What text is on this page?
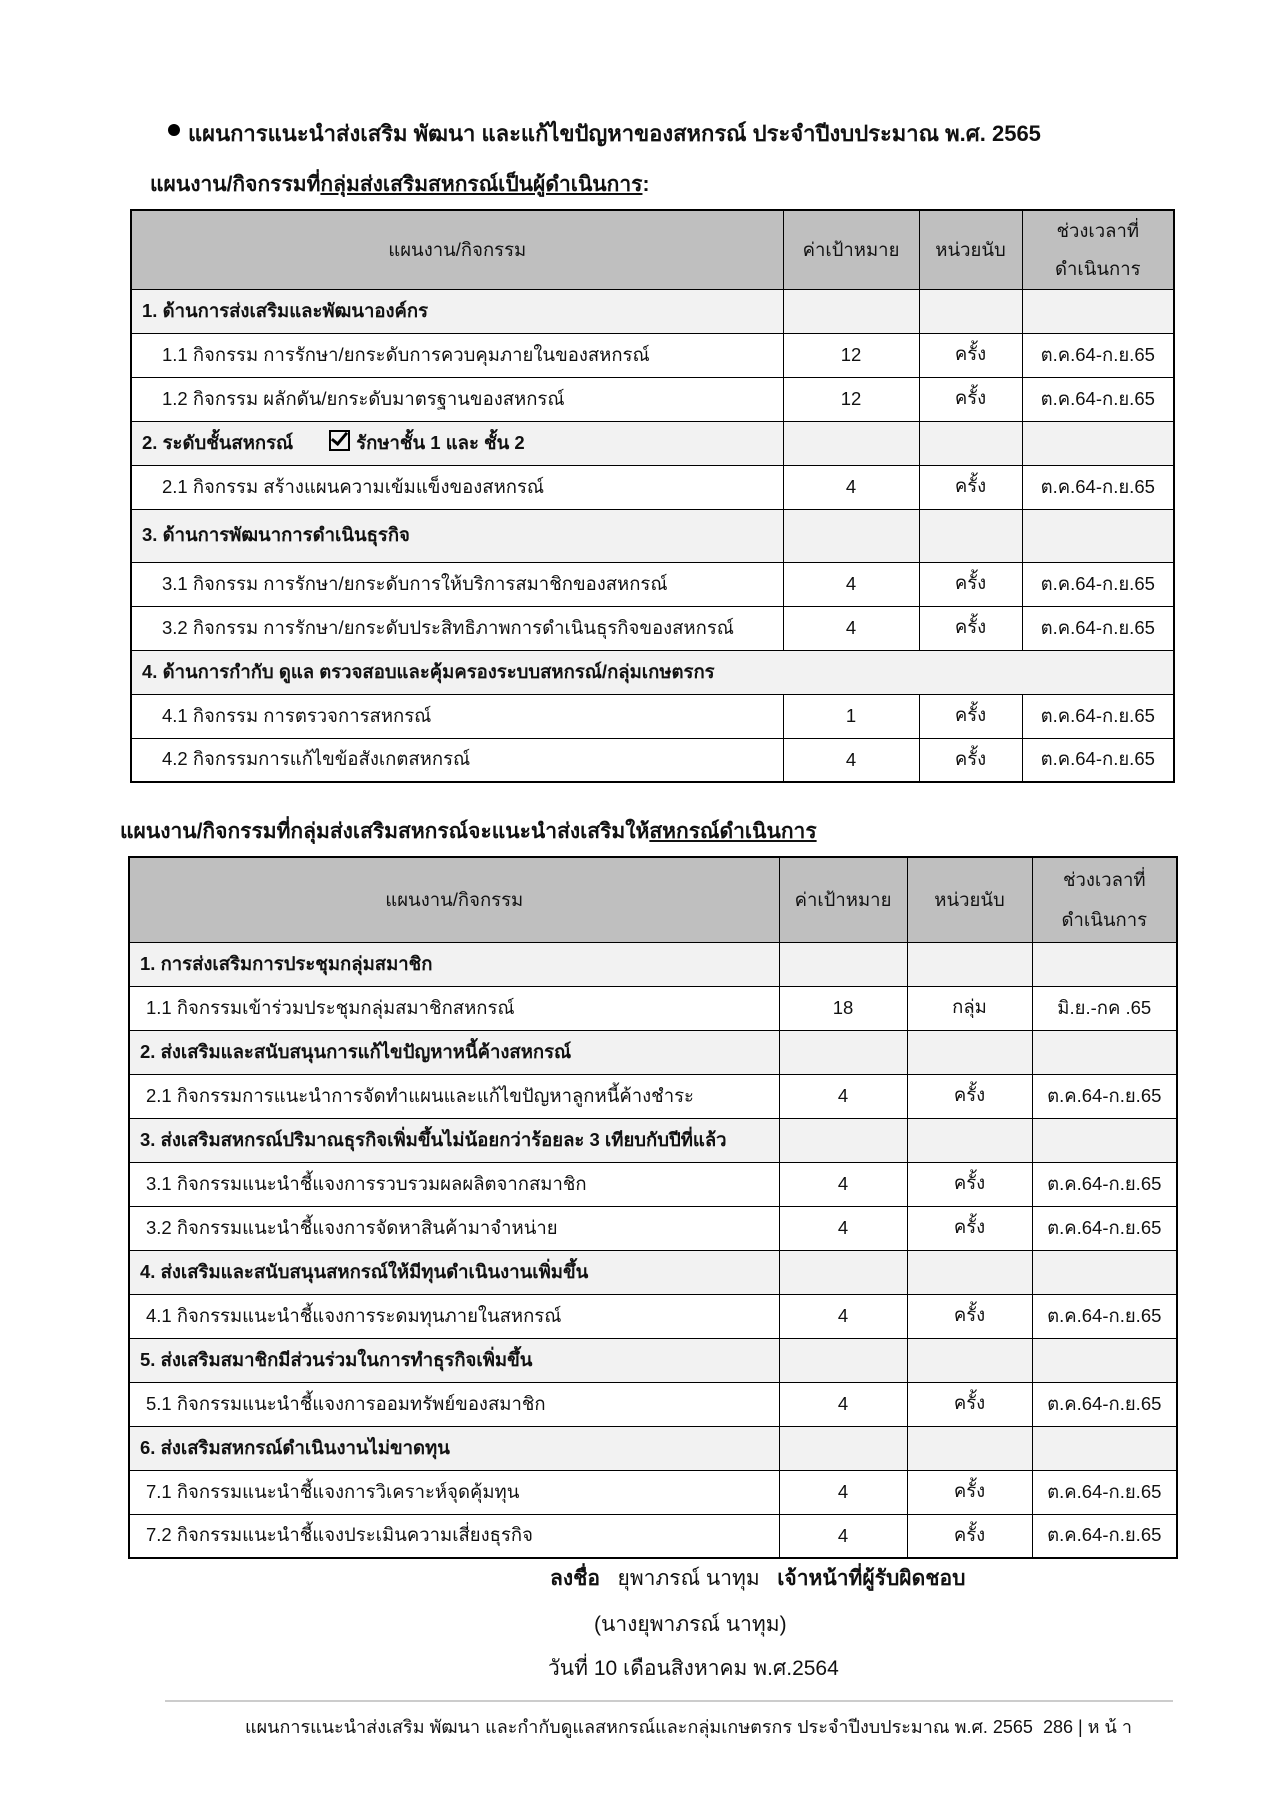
แผนการแนะนำส่งเสริม พัฒนา และแก้ไขปัญหาของสหกรณ์ ประจำปีงบประมาณ พ.ศ. 2565
แผนงาน/กิจกรรมที่กลุ่มส่งเสริมสหกรณ์เป็นผู้ดำเนินการ:
แผนงาน/กิจกรรม	ค่าเป้าหมาย	หน่วยนับ	ช่วงเวลาที่ดำเนินการ
1. ด้านการส่งเสริมและพัฒนาองค์กร			
1.1 กิจกรรม การรักษา/ยกระดับการควบคุมภายในของสหกรณ์	12	ครั้ง	ต.ค.64-ก.ย.65
1.2 กิจกรรม ผลักดัน/ยกระดับมาตรฐานของสหกรณ์	12	ครั้ง	ต.ค.64-ก.ย.65
2. ระดับชั้นสหกรณ์ รักษาชั้น 1 และ ชั้น 2			
2.1 กิจกรรม สร้างแผนความเข้มแข็งของสหกรณ์	4	ครั้ง	ต.ค.64-ก.ย.65
3. ด้านการพัฒนาการดำเนินธุรกิจ			
3.1 กิจกรรม การรักษา/ยกระดับการให้บริการสมาชิกของสหกรณ์	4	ครั้ง	ต.ค.64-ก.ย.65
3.2 กิจกรรม การรักษา/ยกระดับประสิทธิภาพการดำเนินธุรกิจของสหกรณ์	4	ครั้ง	ต.ค.64-ก.ย.65
4. ด้านการกำกับ ดูแล ตรวจสอบและคุ้มครองระบบสหกรณ์/กลุ่มเกษตรกร			
4.1 กิจกรรม การตรวจการสหกรณ์	1	ครั้ง	ต.ค.64-ก.ย.65
4.2 กิจกรรมการแก้ไขข้อสังเกตสหกรณ์	4	ครั้ง	ต.ค.64-ก.ย.65
แผนงาน/กิจกรรมที่กลุ่มส่งเสริมสหกรณ์จะแนะนำส่งเสริมให้สหกรณ์ดำเนินการ
แผนงาน/กิจกรรม	ค่าเป้าหมาย	หน่วยนับ	ช่วงเวลาที่ดำเนินการ
1. การส่งเสริมการประชุมกลุ่มสมาชิก			
1.1 กิจกรรมเข้าร่วมประชุมกลุ่มสมาชิกสหกรณ์	18	กลุ่ม	มิ.ย.-กค .65
2. ส่งเสริมและสนับสนุนการแก้ไขปัญหาหนี้ค้างสหกรณ์			
2.1 กิจกรรมการแนะนำการจัดทำแผนและแก้ไขปัญหาลูกหนี้ค้างชำระ	4	ครั้ง	ต.ค.64-ก.ย.65
3. ส่งเสริมสหกรณ์ปริมาณธุรกิจเพิ่มขึ้นไม่น้อยกว่าร้อยละ 3 เทียบกับปีที่แล้ว			
3.1 กิจกรรมแนะนำชี้แจงการรวบรวมผลผลิตจากสมาชิก	4	ครั้ง	ต.ค.64-ก.ย.65
3.2 กิจกรรมแนะนำชี้แจงการจัดหาสินค้ามาจำหน่าย	4	ครั้ง	ต.ค.64-ก.ย.65
4. ส่งเสริมและสนับสนุนสหกรณ์ให้มีทุนดำเนินงานเพิ่มขึ้น			
4.1 กิจกรรมแนะนำชี้แจงการระดมทุนภายในสหกรณ์	4	ครั้ง	ต.ค.64-ก.ย.65
5. ส่งเสริมสมาชิกมีส่วนร่วมในการทำธุรกิจเพิ่มขึ้น			
5.1 กิจกรรมแนะนำชี้แจงการออมทรัพย์ของสมาชิก	4	ครั้ง	ต.ค.64-ก.ย.65
6. ส่งเสริมสหกรณ์ดำเนินงานไม่ขาดทุน			
7.1 กิจกรรมแนะนำชี้แจงการวิเคราะห์จุดคุ้มทุน	4	ครั้ง	ต.ค.64-ก.ย.65
7.2 กิจกรรมแนะนำชี้แจงประเมินความเสี่ยงธุรกิจ	4	ครั้ง	ต.ค.64-ก.ย.65
ลงชื่อ ยุพาภรณ์ นาทุม เจ้าหน้าที่ผู้รับผิดชอบ
(นางยุพาภรณ์ นาทุม)
วันที่ 10 เดือนสิงหาคม พ.ศ.2564
แผนการแนะนำส่งเสริม พัฒนา และกำกับดูแลสหกรณ์และกลุ่มเกษตรกร ประจำปีงบประมาณ พ.ศ. 2565 286 | ห น้ า
